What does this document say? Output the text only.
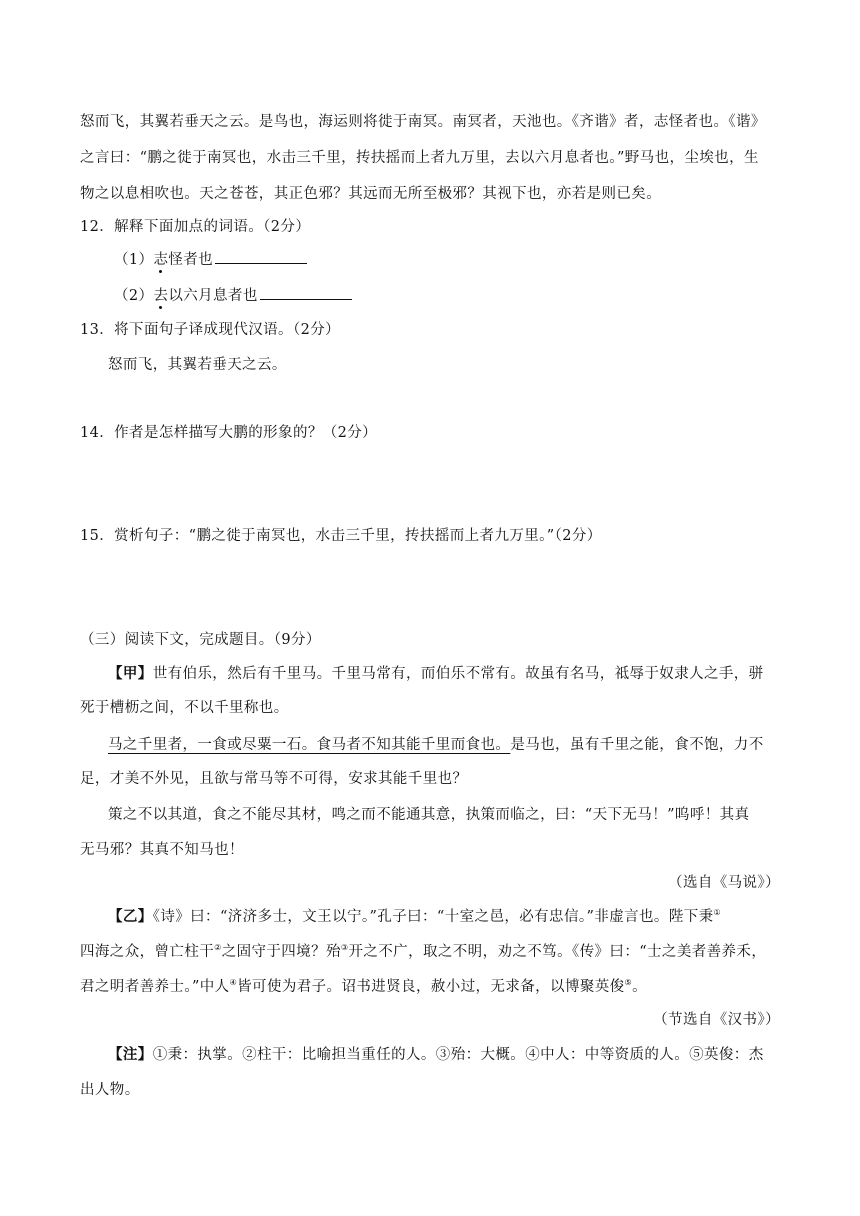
怒而飞，其翼若垂天之云。是鸟也，海运则将徙于南冥。南冥者，天池也。《齐谐》者，志怪者也。《谐》
之言曰：“鹏之徙于南冥也，水击三千里，抟扶摇而上者九万里，去以六月息者也。”野马也，尘埃也，生
物之以息相吹也。天之苍苍，其正色邪？其远而无所至极邪？其视下也，亦若是则已矣。
12．解释下面加点的词语。（2分）
（1）志怪者也
（2）去以六月息者也
13．将下面句子译成现代汉语。（2分）
怒而飞，其翼若垂天之云。
14．作者是怎样描写大鹏的形象的？（2分）
15．赏析句子：“鹏之徙于南冥也，水击三千里，抟扶摇而上者九万里。”（2分）
（三）阅读下文，完成题目。（9分）
【甲】世有伯乐，然后有千里马。千里马常有，而伯乐不常有。故虽有名马，祗辱于奴隶人之手，骈
死于槽枥之间，不以千里称也。
马之千里者，一食或尽粟一石。食马者不知其能千里而食也。是马也，虽有千里之能，食不饱，力不
足，才美不外见，且欲与常马等不可得，安求其能千里也？
策之不以其道，食之不能尽其材，鸣之而不能通其意，执策而临之，曰：“天下无马！”呜呼！其真
无马邪？其真不知马也！
（选自《马说》）
【乙】《诗》曰：“济济多士，文王以宁。”孔子曰：“十室之邑，必有忠信。”非虚言也。陛下秉①
四海之众，曾亡柱干②之固守于四境？殆③开之不广，取之不明，劝之不笃。《传》曰：“士之美者善养禾，
君之明者善养士。”中人④皆可使为君子。诏书进贤良，赦小过，无求备，以博聚英俊⑤。
（节选自《汉书》）
【注】①秉：执掌。②柱干：比喻担当重任的人。③殆：大概。④中人：中等资质的人。⑤英俊：杰
出人物。
